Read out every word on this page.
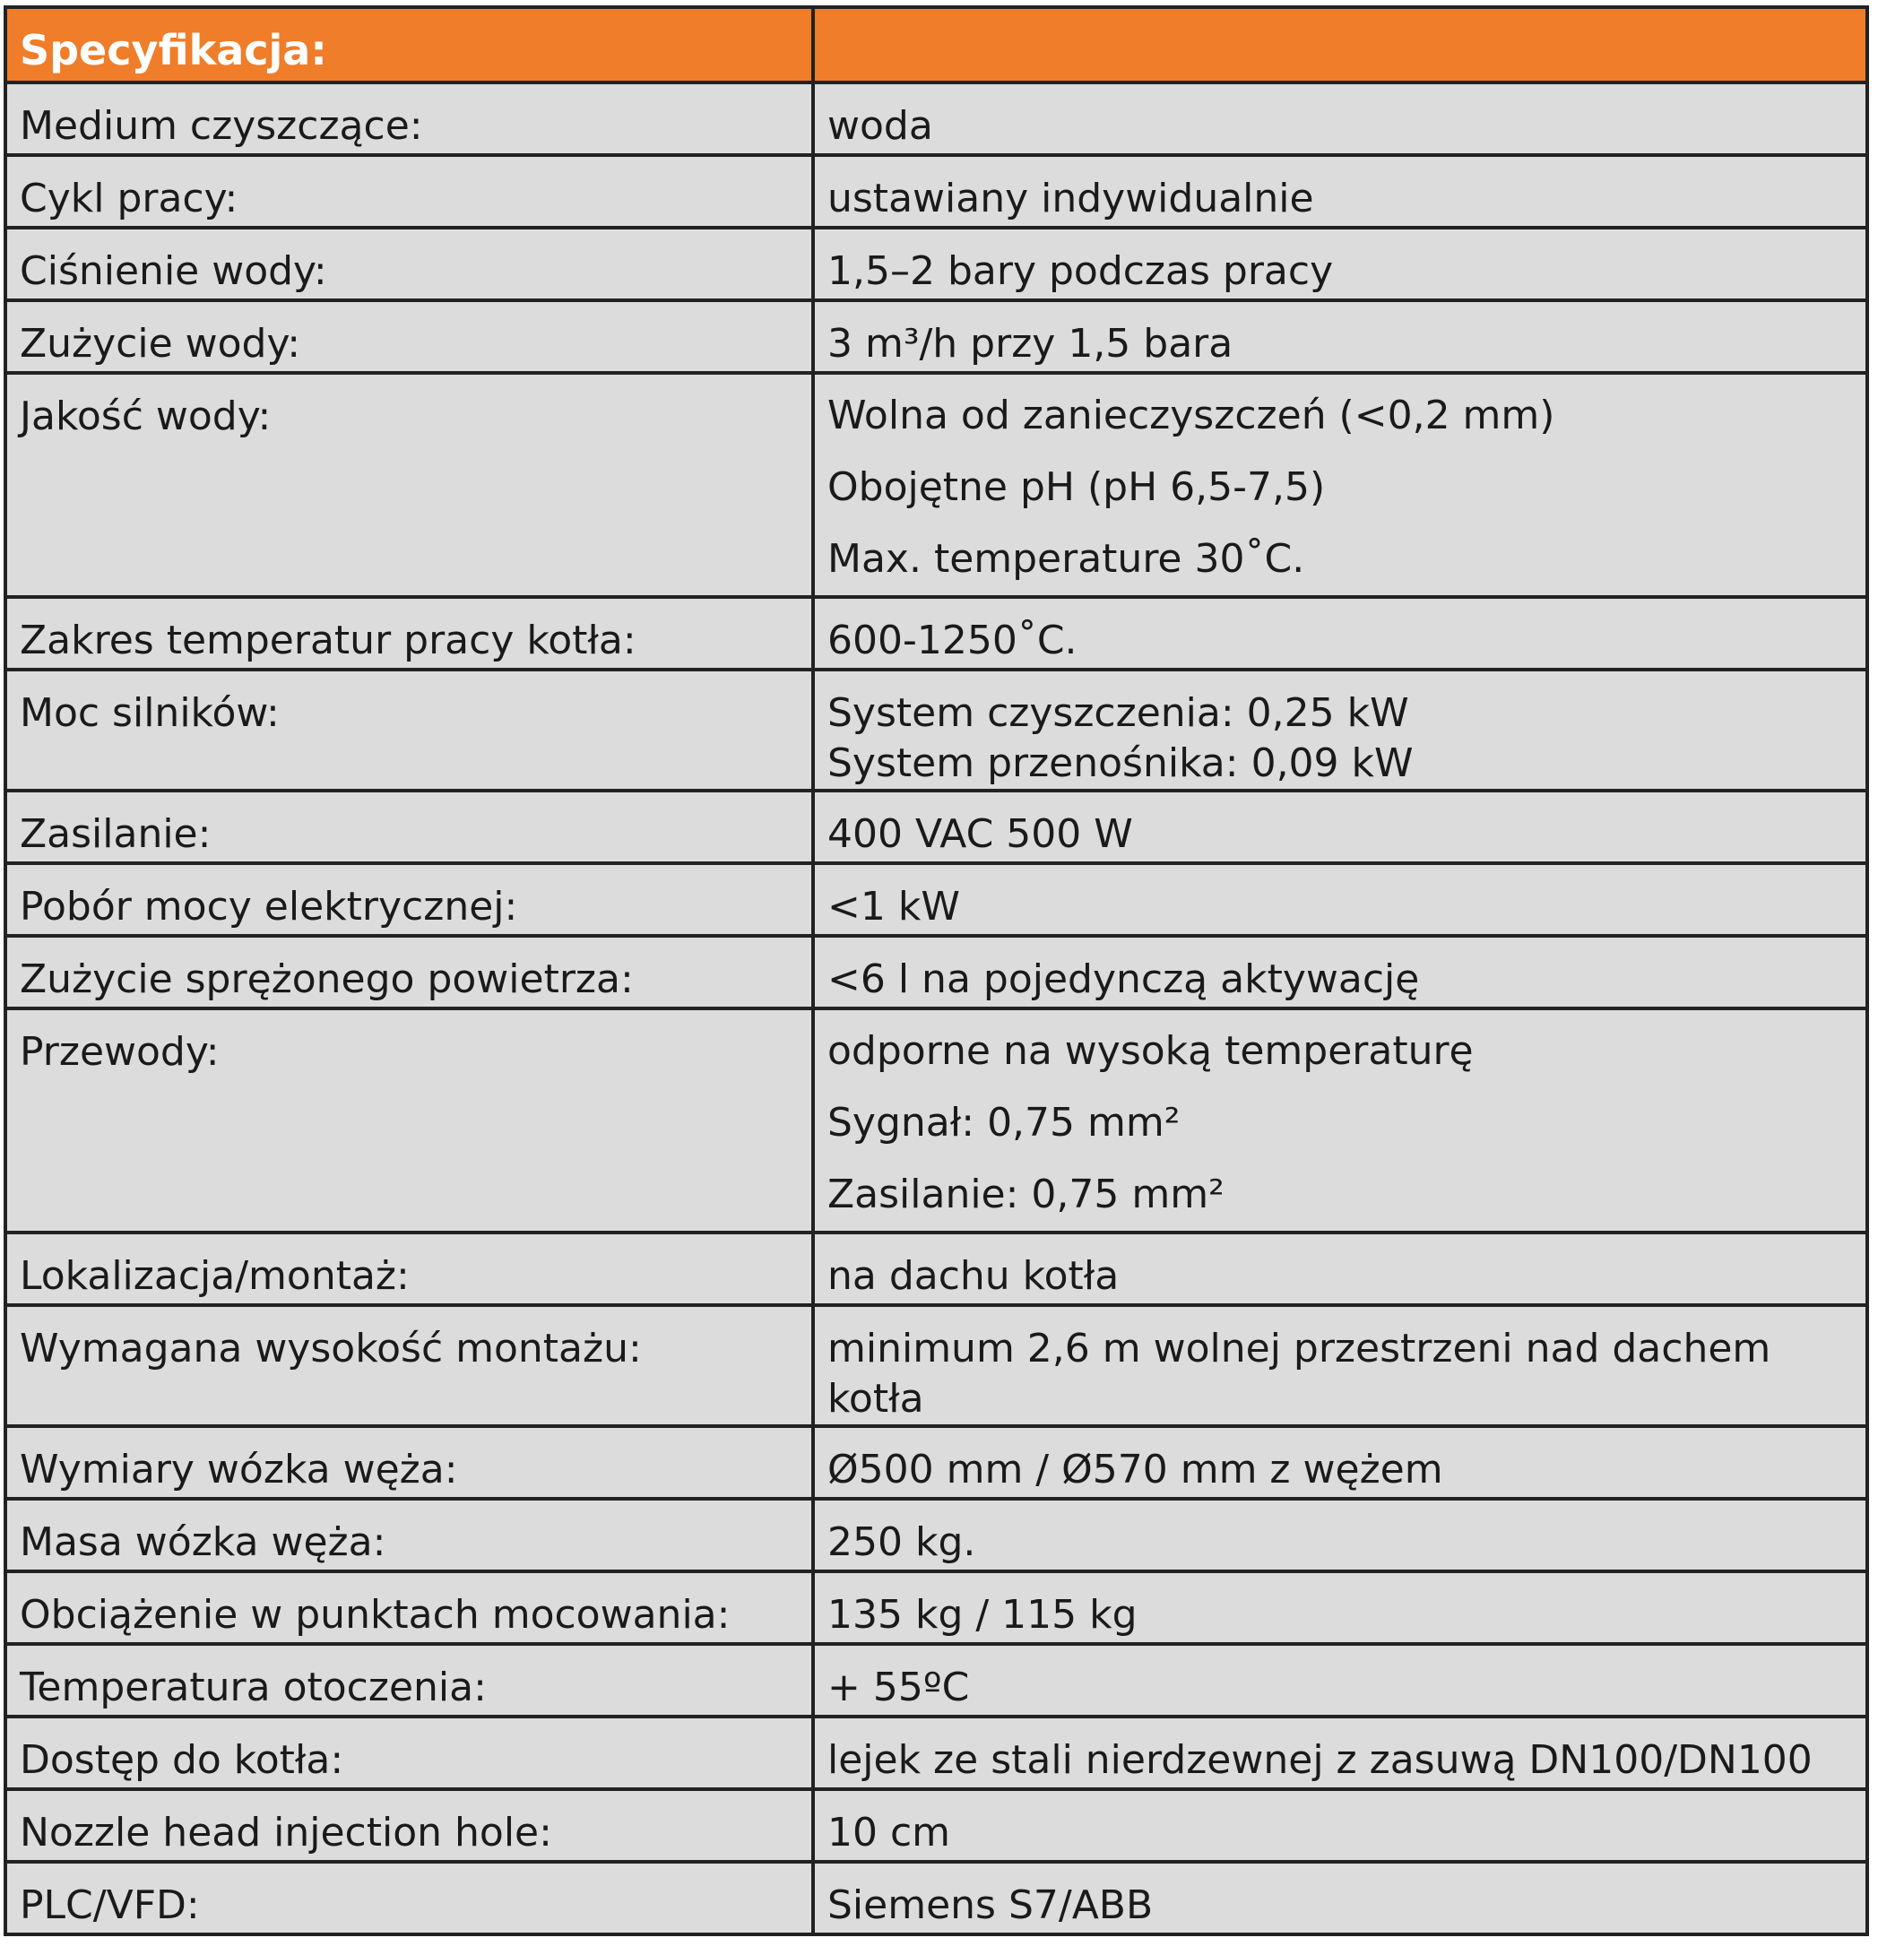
Specyfikacja:	
Medium czyszczące:	woda

Cykl pracy:	ustawiany indywidualnie

Ciśnienie wody:	1,5–2 bary podczas pracy

Zużycie wody:	3 m³/h przy 1,5 bara

Jakość wody:	Wolna od zanieczyszczeń (<0,2 mm)
Obojętne pH (pH 6,5-7,5)
Max. temperature 30˚C.

Zakres temperatur pracy kotła:	600-1250˚C.

Moc silników:	System czyszczenia: 0,25 kW
System przenośnika: 0,09 kW

Zasilanie:	400 VAC 500 W

Pobór mocy elektrycznej:	<1 kW

Zużycie sprężonego powietrza:	<6 l na pojedynczą aktywację

Przewody:	odporne na wysoką temperaturę
Sygnał: 0,75 mm²
Zasilanie: 0,75 mm²

Lokalizacja/montaż:	na dachu kotła

Wymagana wysokość montażu:	minimum 2,6 m wolnej przestrzeni nad dachem
kotła

Wymiary wózka węża:	Ø500 mm / Ø570 mm z wężem

Masa wózka węża:	250 kg.

Obciążenie w punktach mocowania:	135 kg / 115 kg

Temperatura otoczenia:	+ 55ºC

Dostęp do kotła:	lejek ze stali nierdzewnej z zasuwą DN100/DN100

Nozzle head injection hole:	10 cm

PLC/VFD:	Siemens S7/ABB
